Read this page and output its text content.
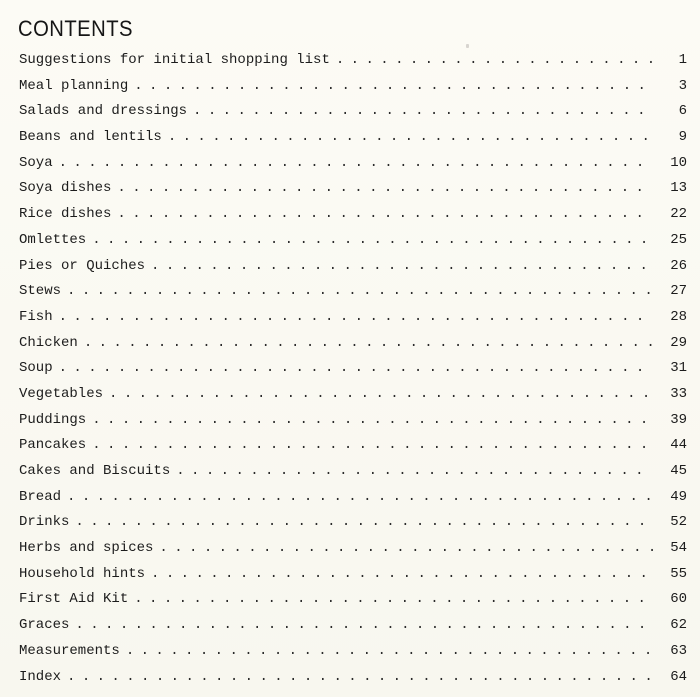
CONTENTS
Suggestions for initial shopping list . . .	1
Meal planning . . .	3
Salads and dressings . . .	6
Beans and lentils . . .	9
Soya . . .	10
Soya dishes . . .	13
Rice dishes . . .	22
Omlettes . . .	25
Pies or Quiches . . .	26
Stews . . .	27
Fish . . .	28
Chicken . . .	29
Soup . . .	31
Vegetables . . .	33
Puddings . . .	39
Pancakes . . .	44
Cakes and Biscuits . . .	45
Bread . . .	49
Drinks . . .	52
Herbs and spices . . .	54
Household hints . . .	55
First Aid Kit . . .	60
Graces . . .	62
Measurements . . .	63
Index . . .	64
